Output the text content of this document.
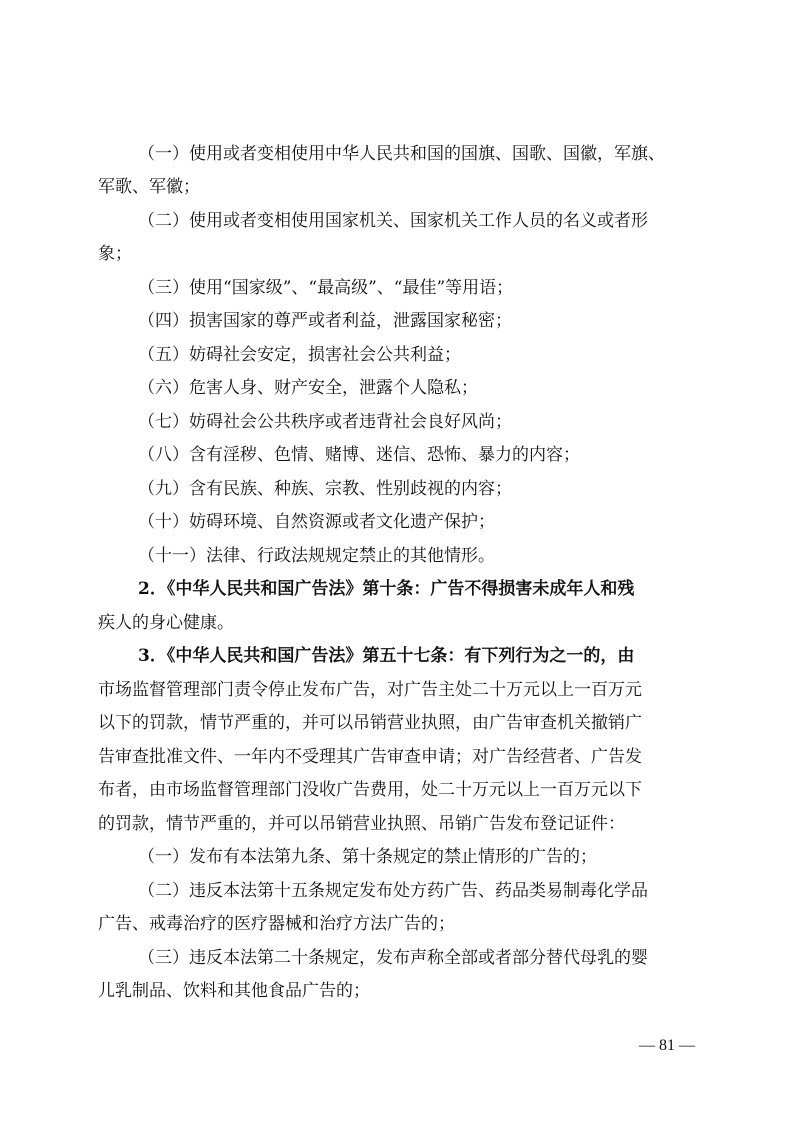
（一）使用或者变相使用中华人民共和国的国旗、国歌、国徽，军旗、
军歌、军徽；
（二）使用或者变相使用国家机关、国家机关工作人员的名义或者形
象；
（三）使用“国家级”、“最高级”、“最佳”等用语；
（四）损害国家的尊严或者利益，泄露国家秘密；
（五）妨碍社会安定，损害社会公共利益；
（六）危害人身、财产安全，泄露个人隐私；
（七）妨碍社会公共秩序或者违背社会良好风尚；
（八）含有淫秽、色情、赌博、迷信、恐怖、暴力的内容；
（九）含有民族、种族、宗教、性别歧视的内容；
（十）妨碍环境、自然资源或者文化遗产保护；
（十一）法律、行政法规规定禁止的其他情形。
2．《中华人民共和国广告法》第十条：广告不得损害未成年人和残
疾人的身心健康。
3．《中华人民共和国广告法》第五十七条：有下列行为之一的，由
市场监督管理部门责令停止发布广告，对广告主处二十万元以上一百万元
以下的罚款，情节严重的，并可以吊销营业执照，由广告审查机关撤销广
告审查批准文件、一年内不受理其广告审查申请；对广告经营者、广告发
布者，由市场监督管理部门没收广告费用，处二十万元以上一百万元以下
的罚款，情节严重的，并可以吊销营业执照、吊销广告发布登记证件：
（一）发布有本法第九条、第十条规定的禁止情形的广告的；
（二）违反本法第十五条规定发布处方药广告、药品类易制毒化学品
广告、戒毒治疗的医疗器械和治疗方法广告的；
（三）违反本法第二十条规定，发布声称全部或者部分替代母乳的婴
儿乳制品、饮料和其他食品广告的；
— 81 —
